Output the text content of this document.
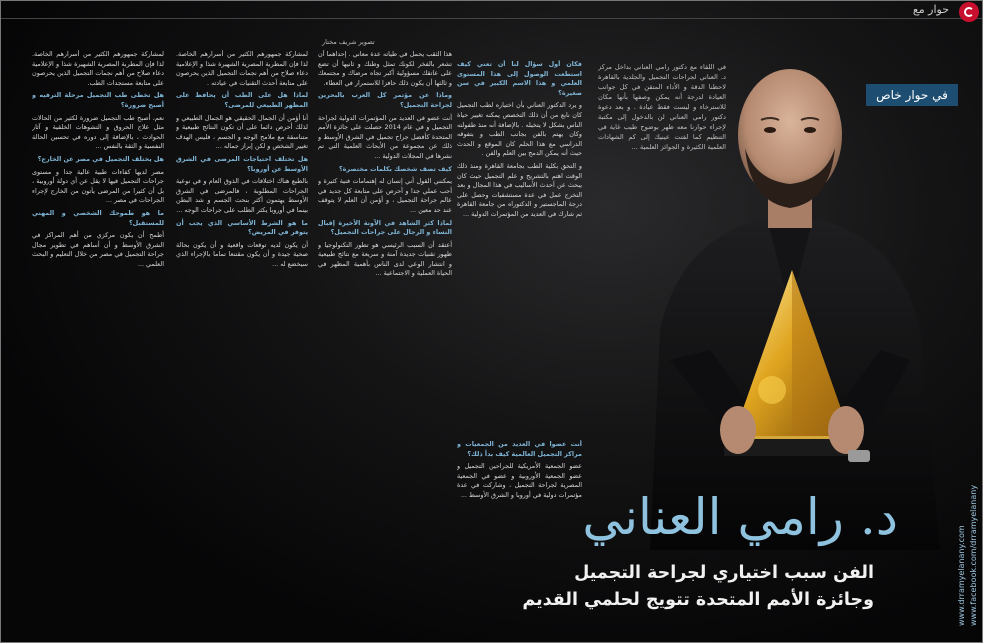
حوار مع
تصوير شريف مختار

لمشاركة جمهورهم الكثير من أسرارهم الخاصة. لذا فإن المطربة المصرية الشهيرة شذا و الإعلامية دعاء صلاح من أهم نجمات التجميل الذين يحرصون على متابعة مستجدات الطب.

هل تخطى طب التجميل مرحلة الترفيه و أصبح ضرورة؟

نعم، أصبح طب التجميل ضرورة لكثير من الحالات مثل علاج الحروق و التشوهات الخلقية و آثار الحوادث ، بالإضافة إلى دوره في تحسين الحالة النفسية و الثقة بالنفس ...

هل يختلف التجميل في مصر عن الخارج؟

مصر لديها كفاءات طبية عالية جدا و مستوى جراحات التجميل فيها لا يقل عن أي دولة أوروبية ، بل أن كثيرا من المرضى يأتون من الخارج لإجراء الجراحات في مصر ...

ما هو طموحك الشخصي و المهني للمستقبل؟

أطمح أن يكون مركزي من أهم المراكز في الشرق الأوسط و أن أساهم في تطوير مجال جراحة التجميل في مصر من خلال التعليم و البحث العلمي ...

لمشاركة جمهورهم الكثير من أسرارهم الخاصة. لذا فإن المطربة المصرية الشهيرة شذا و الإعلامية دعاء صلاح من أهم نجمات التجميل الذين يحرصون على متابعة أحدث التقنيات في عيادته .

لماذا هل على الطب أن يحافظ على المظهر الطبيعي للمرضى؟

أنا أؤمن أن الجمال الحقيقي هو الجمال الطبيعي و لذلك أحرص دائما على أن تكون النتائج طبيعية و متناسقة مع ملامح الوجه و الجسم ، فليس الهدف تغيير الشخص و لكن إبراز جماله ...

هل تختلف احتياجات المرضى في الشرق الأوسط عن أوروبا؟

بالطبع هناك اختلافات في الذوق العام و في نوعية الجراحات المطلوبة ، فالمرضى في الشرق الأوسط يهتمون أكثر بنحت الجسم و شد البطن بينما في أوروبا يكثر الطلب على جراحات الوجه ...

ما هو الشرط الأساسي الذي يجب أن يتوفر في المريض؟

أن يكون لديه توقعات واقعية و أن يكون بحالة صحية جيدة و أن يكون مقتنعا تماما بالإجراء الذي سيخضع له ...

هذا الثقب يحمل في طياته عدة معاني . إحداهما أن تشعر بالفخر لكونك تمثل وطنك و ثانيها أن تضع على عاتقك مسؤولية أكبر تجاه مرضاك و مجتمعك و ثالثها أن يكون ذلك حافزا للاستمرار في العطاء.

وماذا عن مؤتمر كل العرب بالبحرين لجراحة التجميل؟

أنت عضو في العديد من المؤتمرات الدولية لجراحة التجميل و في عام 2014 حصلت على جائزة الأمم المتحدة كأفضل جراح تجميل في الشرق الأوسط و ذلك عن مجموعة من الأبحاث العلمية التي تم نشرها في المجلات الدولية ...

كيف تصف شخصك بكلمات مختصرة؟

يمكنني القول أني إنسان له إهتمامات فنية كثيرة و أحب عملي جدا و أحرص على متابعة كل جديد في عالم جراحة التجميل ، و أؤمن أن العلم لا يتوقف عند حد معين ...

لماذا كثر الشاهد في الآونة الأخيرة إقبال النساء و الرجال على جراحات التجميل؟

أعتقد أن السبب الرئيسي هو تطور التكنولوجيا و ظهور تقنيات جديدة آمنة و سريعة مع نتائج طبيعية و انتشار الوعي لدى الناس بأهمية المظهر في الحياة العملية و الاجتماعية ...

فكان أول سؤال لنا أن تعني كيف استطعت الوصول إلى هذا المستوى العلمي و هذا الاسم الكبير في سن صغيرة؟

و يرد الدكتور العناني بأن اختياره لطب التجميل كان نابع من أن ذلك التخصص يمكنه تغيير حياة الناس بشكل لا يتخيله . بالإضافة أنه منذ طفولته وكان يهتم بالفن بجانب الطب و بتفوقه الدراسي مع هذا الحلم كان الموقع و الحدث حيث أنه يمكن الدمج بين العلم والفن .

و التحق بكلية الطب بجامعة القاهرة ومنذ ذلك الوقت اهتم بالتشريح و علم التجميل حيث كان يبحث عن أحدث الأساليب في هذا المجال و بعد التخرج عمل في عدة مستشفيات وحصل على درجة الماجستير و الدكتوراه من جامعة القاهرة ثم شارك في العديد من المؤتمرات الدولية ...

أنت عضوا في العديد من الجمعيات و مراكز التجميل العالمية كيف بدأ ذلك؟

عضو الجمعية الأمريكية للجراحين التجميل و عضو الجمعية الأوروبية و عضو في الجمعية المصرية لجراحة التجميل ، وشاركت في عدة مؤتمرات دولية في أوروبا و الشرق الأوسط ...

في اللقاء مع دكتور رامي العناني بداخل مركز د. العناني لجراحات التجميل والجلدية بالقاهرة لاحظنا الدقة و الأداء المتقن في كل جوانب العيادة لدرجة أنه يمكن وصفها بأنها مكان للاسترخاء و ليست فقط عيادة . و بعد دعوة دكتور رامي العناني لن بالدخول إلى مكتبة لإجراء حوارنا معه ظهر بوضوح طيب غاية في التنظيم كما لفتت عينيك إلى كم الشهادات العلمية الكثيرة و الجوائز العلمية ...
في حوار خاص
د. رامي العناني
الفن سبب اختياري لجراحة التجميل
وجائزة الأمم المتحدة تتويج لحلمي القديم	www.drramyelanany.com www.facebook.com/drramyelanany
